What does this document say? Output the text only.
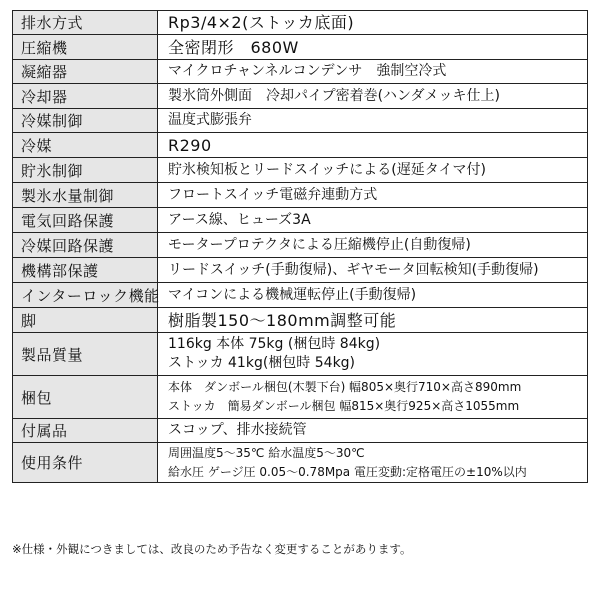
排水方式	Rp3/4×2(ストッカ底面)

圧縮機	全密閉形　680W

凝縮器	マイクロチャンネルコンデンサ　強制空冷式

冷却器	製氷筒外側面　冷却パイプ密着巻(ハンダメッキ仕上)

冷媒制御	温度式膨張弁

冷媒	R290

貯氷制御	貯氷検知板とリードスイッチによる(遅延タイマ付)

製氷水量制御	フロートスイッチ電磁弁連動方式

電気回路保護	アース線、ヒューズ3A

冷媒回路保護	モータープロテクタによる圧縮機停止(自動復帰)

機構部保護	リードスイッチ(手動復帰)、ギヤモータ回転検知(手動復帰)

インターロック機能	マイコンによる機械運転停止(手動復帰)

脚	樹脂製150～180mm調整可能

製品質量	116kg 本体 75kg (梱包時 84kg)
ストッカ 41kg(梱包時 54kg)

梱包	本体　ダンボール梱包(木製下台) 幅805×奥行710×高さ890mm
ストッカ　簡易ダンボール梱包 幅815×奥行925×高さ1055mm

付属品	スコップ、排水接続管

使用条件	周囲温度5～35℃ 給水温度5～30℃
給水圧 ゲージ圧 0.05～0.78Mpa 電圧変動:定格電圧の±10%以内
※仕様・外観につきましては、改良のため予告なく変更することがあります。
